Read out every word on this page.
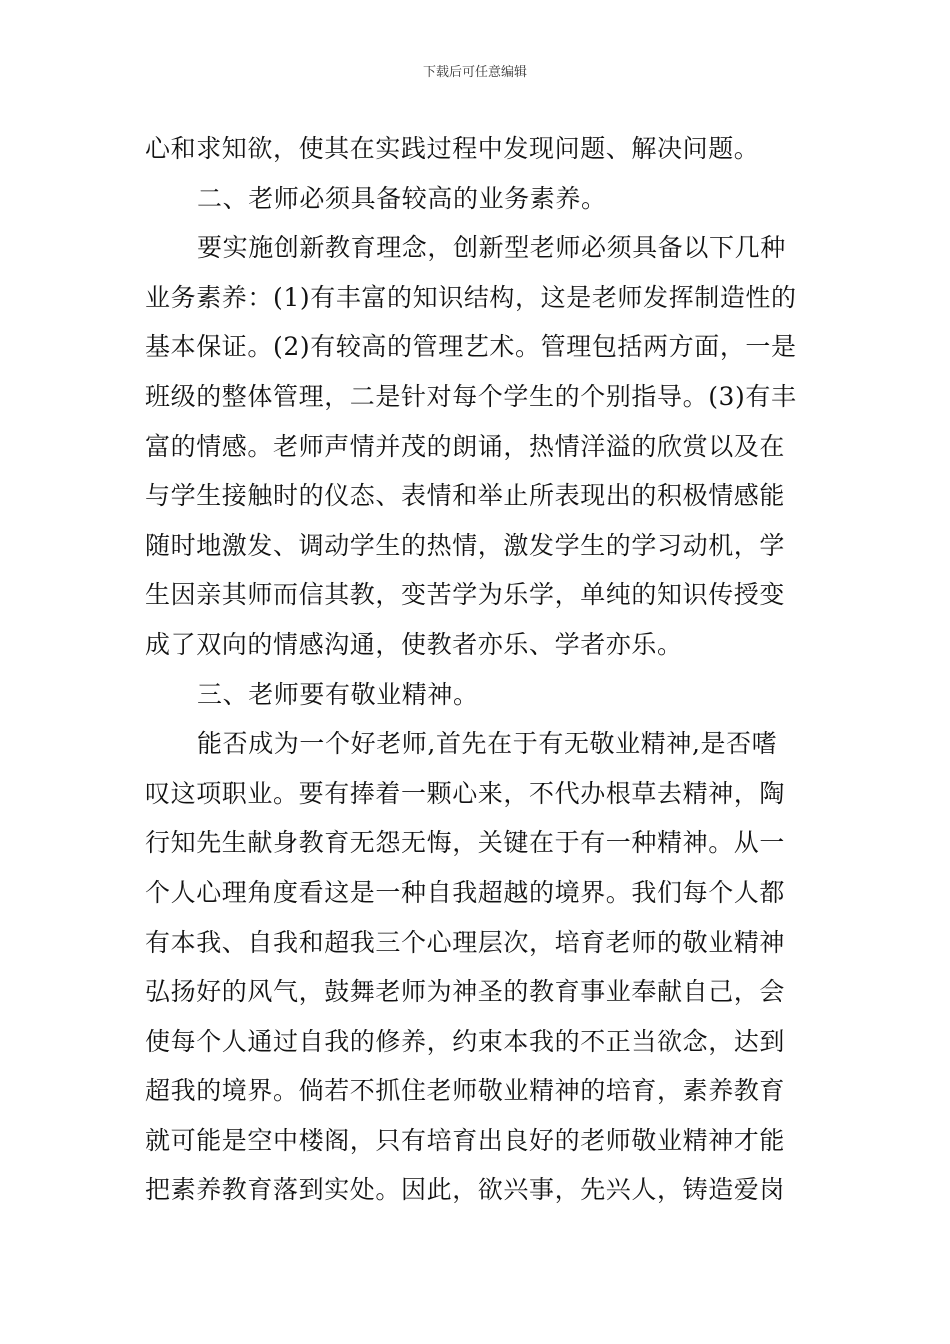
下载后可任意编辑
心和求知欲，使其在实践过程中发现问题、解决问题。
二、老师必须具备较高的业务素养。
要实施创新教育理念，创新型老师必须具备以下几种
业务素养：(1)有丰富的知识结构，这是老师发挥制造性的
基本保证。(2)有较高的管理艺术。管理包括两方面，一是
班级的整体管理，二是针对每个学生的个别指导。(3)有丰
富的情感。老师声情并茂的朗诵，热情洋溢的欣赏以及在
与学生接触时的仪态、表情和举止所表现出的积极情感能
随时地激发、调动学生的热情，激发学生的学习动机，学
生因亲其师而信其教，变苦学为乐学，单纯的知识传授变
成了双向的情感沟通，使教者亦乐、学者亦乐。
三、老师要有敬业精神。
能否成为一个好老师,首先在于有无敬业精神,是否嗜
叹这项职业。要有捧着一颗心来，不代办根草去精神，陶
行知先生献身教育无怨无悔，关键在于有一种精神。从一
个人心理角度看这是一种自我超越的境界。我们每个人都
有本我、自我和超我三个心理层次，培育老师的敬业精神
弘扬好的风气，鼓舞老师为神圣的教育事业奉献自己，会
使每个人通过自我的修养，约束本我的不正当欲念，达到
超我的境界。倘若不抓住老师敬业精神的培育，素养教育
就可能是空中楼阁，只有培育出良好的老师敬业精神才能
把素养教育落到实处。因此，欲兴事，先兴人，铸造爱岗
